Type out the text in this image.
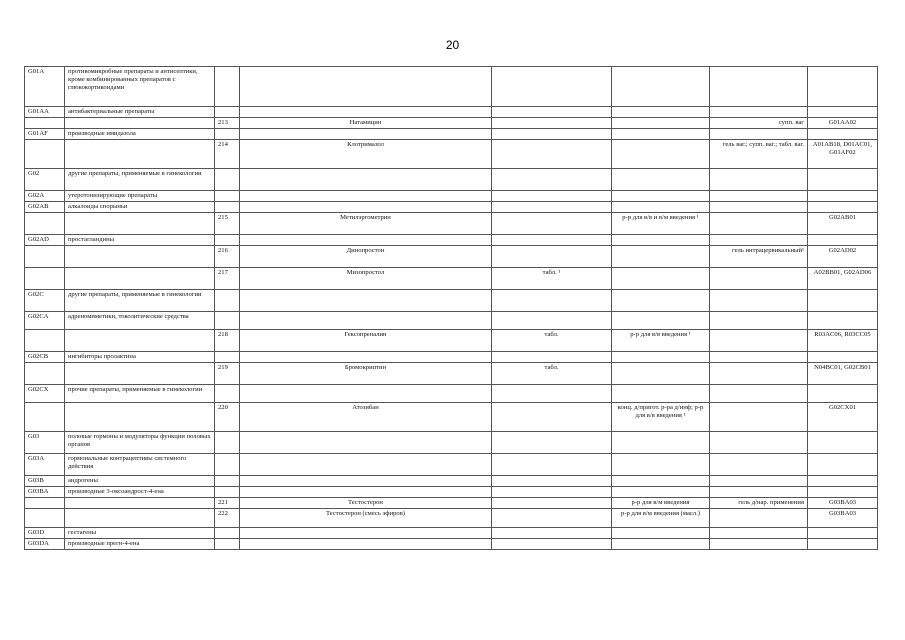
20
G01A	противомикробные препараты и антисептики, кроме комбинированных препаратов с глюкокортикоидами						
G01AA	антибактериальные препараты						
		213	Натамицин			супп. ваг	G01AA02
G01AF	производные имидазола						
		214	Клотримазол			гель ваг.; супп. ваг.; табл. ваг.	A01AB18, D01AC01, G01AF02
G02	другие препараты, применяемые в гинекологии						
G02A	утеротонизирующие препараты						
G02AB	алкалоиды спорыньи						
		215	Метилэргометрин		р-р для в/в и в/м введения ¹		G02AB01
G02AD	простагландины						
		216	Динопростон			гель интрацервикальный¹	G02AD02
		217	Мизопростол	табл. ¹			A02BB01, G02AD06
G02C	другие препараты, применяемые в гинекологии						
G02CA	адреномиметики, токолитические средства						
		218	Гексопреналин	табл.	р-р для в/в введения ¹		R03AC06, R03CC05
G02CB	ингибиторы пролактина						
		219	Бромокриптин	табл.			N04BC01, G02CB01
G02CX	прочие препараты, применяемые в гинекологии						
		220	Атозибан		конц. д/пригот. р-ра д/инф; р-р для в/в введения ¹		G02CX01
G03	половые гормоны и модуляторы функции половых органов						
G03A	гормональные контрацептивы системного действия						
G03B	андрогены						
G03BA	производные 3-оксоандрост-4-ена						
		221	Тестостерон		р-р для в/м введения	гель д/нар. применения	G03BA03
		222	Тестостерон (смесь эфиров)		р-р для в/м введения (масл.)		G03BA03
G03D	гестагены						
G03DA	производные прегн-4-ена						
